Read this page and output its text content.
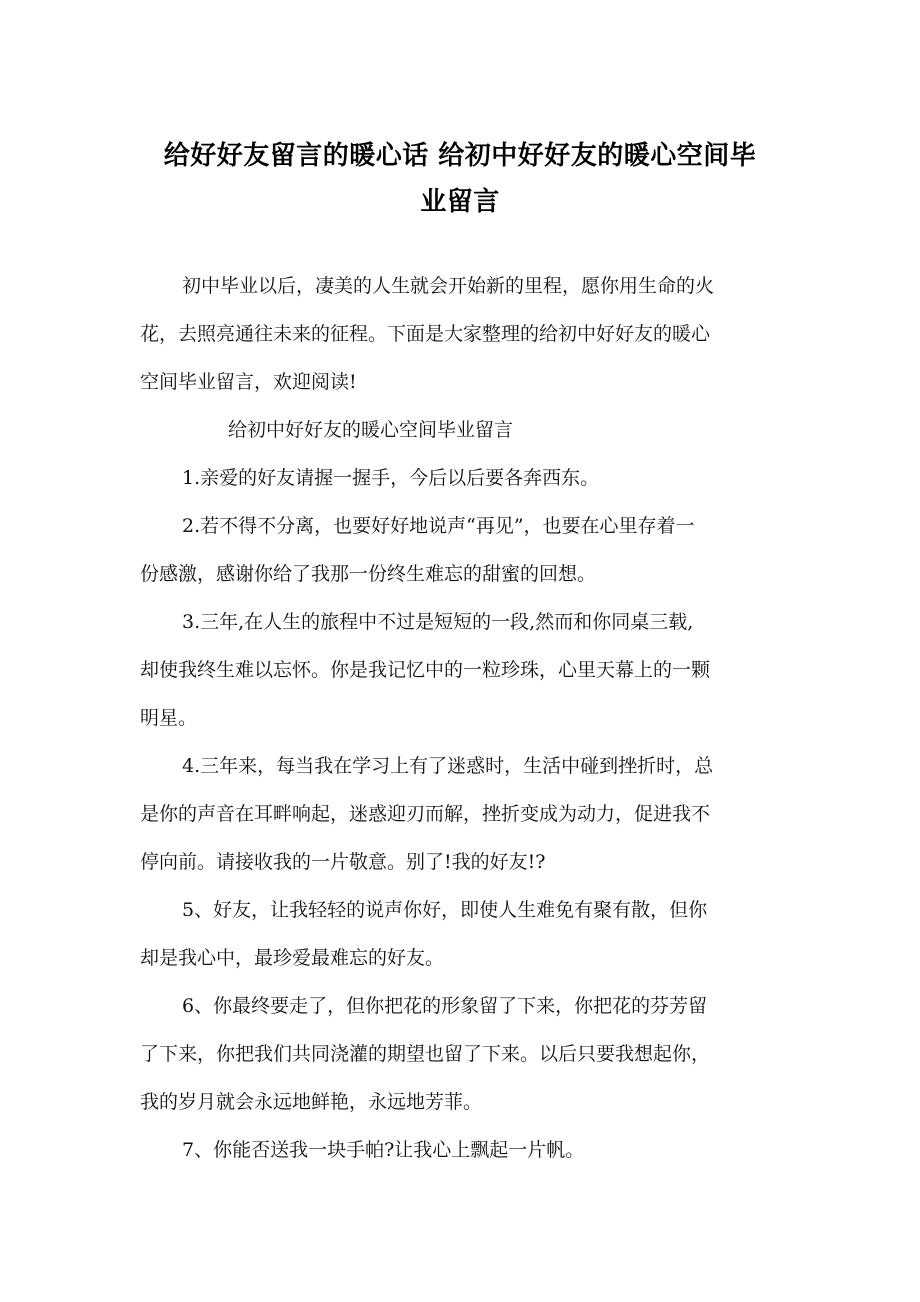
给好好友留言的暖心话 给初中好好友的暖心空间毕
业留言

初中毕业以后，凄美的人生就会开始新的里程，愿你用生命的火
花，去照亮通往未来的征程。下面是大家整理的给初中好好友的暖心
空间毕业留言，欢迎阅读!

给初中好好友的暖心空间毕业留言

1.亲爱的好友请握一握手，今后以后要各奔西东。

2.若不得不分离，也要好好地说声“再见”，也要在心里存着一
份感激，感谢你给了我那一份终生难忘的甜蜜的回想。

3.三年,在人生的旅程中不过是短短的一段,然而和你同桌三载,
却使我终生难以忘怀。你是我记忆中的一粒珍珠，心里天幕上的一颗
明星。

4.三年来，每当我在学习上有了迷惑时，生活中碰到挫折时，总
是你的声音在耳畔响起，迷惑迎刃而解，挫折变成为动力，促进我不
停向前。请接收我的一片敬意。别了!我的好友!?

5、好友，让我轻轻的说声你好，即使人生难免有聚有散，但你
却是我心中，最珍爱最难忘的好友。

6、你最终要走了，但你把花的形象留了下来，你把花的芬芳留
了下来，你把我们共同浇灌的期望也留了下来。以后只要我想起你，
我的岁月就会永远地鲜艳，永远地芳菲。

7、你能否送我一块手帕?让我心上飘起一片帆。
